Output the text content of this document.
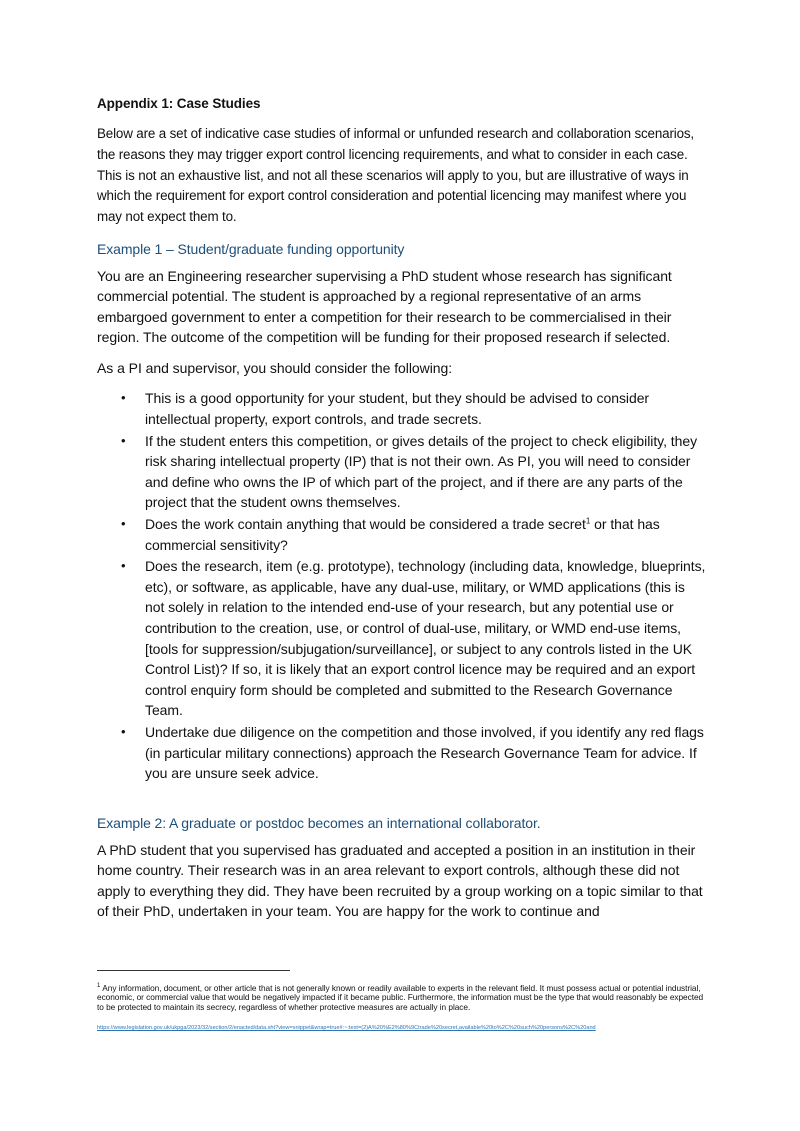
Appendix 1: Case Studies

Below are a set of indicative case studies of informal or unfunded research and collaboration scenarios, the reasons they may trigger export control licencing requirements, and what to consider in each case. This is not an exhaustive list, and not all these scenarios will apply to you, but are illustrative of ways in which the requirement for export control consideration and potential licencing may manifest where you may not expect them to.

Example 1 – Student/graduate funding opportunity

You are an Engineering researcher supervising a PhD student whose research has significant commercial potential. The student is approached by a regional representative of an arms embargoed government to enter a competition for their research to be commercialised in their region. The outcome of the competition will be funding for their proposed research if selected.

As a PI and supervisor, you should consider the following:

• This is a good opportunity for your student, but they should be advised to consider intellectual property, export controls, and trade secrets.
• If the student enters this competition, or gives details of the project to check eligibility, they risk sharing intellectual property (IP) that is not their own. As PI, you will need to consider and define who owns the IP of which part of the project, and if there are any parts of the project that the student owns themselves.
• Does the work contain anything that would be considered a trade secret$^1$ or that has commercial sensitivity?
• Does the research, item (e.g. prototype), technology (including data, knowledge, blueprints, etc), or software, as applicable, have any dual-use, military, or WMD applications (this is not solely in relation to the intended end-use of your research, but any potential use or contribution to the creation, use, or control of dual-use, military, or WMD end-use items, [tools for suppression/subjugation/surveillance], or subject to any controls listed in the UK Control List)? If so, it is likely that an export control licence may be required and an export control enquiry form should be completed and submitted to the Research Governance Team.
• Undertake due diligence on the competition and those involved, if you identify any red flags (in particular military connections) approach the Research Governance Team for advice. If you are unsure seek advice.

Example 2: A graduate or postdoc becomes an international collaborator.

A PhD student that you supervised has graduated and accepted a position in an institution in their home country. Their research was in an area relevant to export controls, although these did not apply to everything they did. They have been recruited by a group working on a topic similar to that of their PhD, undertaken in your team. You are happy for the work to continue and

$^1$ Any information, document, or other article that is not generally known or readily available to experts in the relevant field. It must possess actual or potential industrial, economic, or commercial value that would be negatively impacted if it became public. Furthermore, the information must be the type that would reasonably be expected to be protected to maintain its secrecy, regardless of whether protective measures are actually in place.
https://www.legislation.gov.uk/ukpga/2023/32/section/2/enacted/data.xht?view=snippet&wrap=true#:~:text=(2)A%20%E2%80%9Ctrade%20secret,available%20to%2C%20such%20persons%2C%20and
